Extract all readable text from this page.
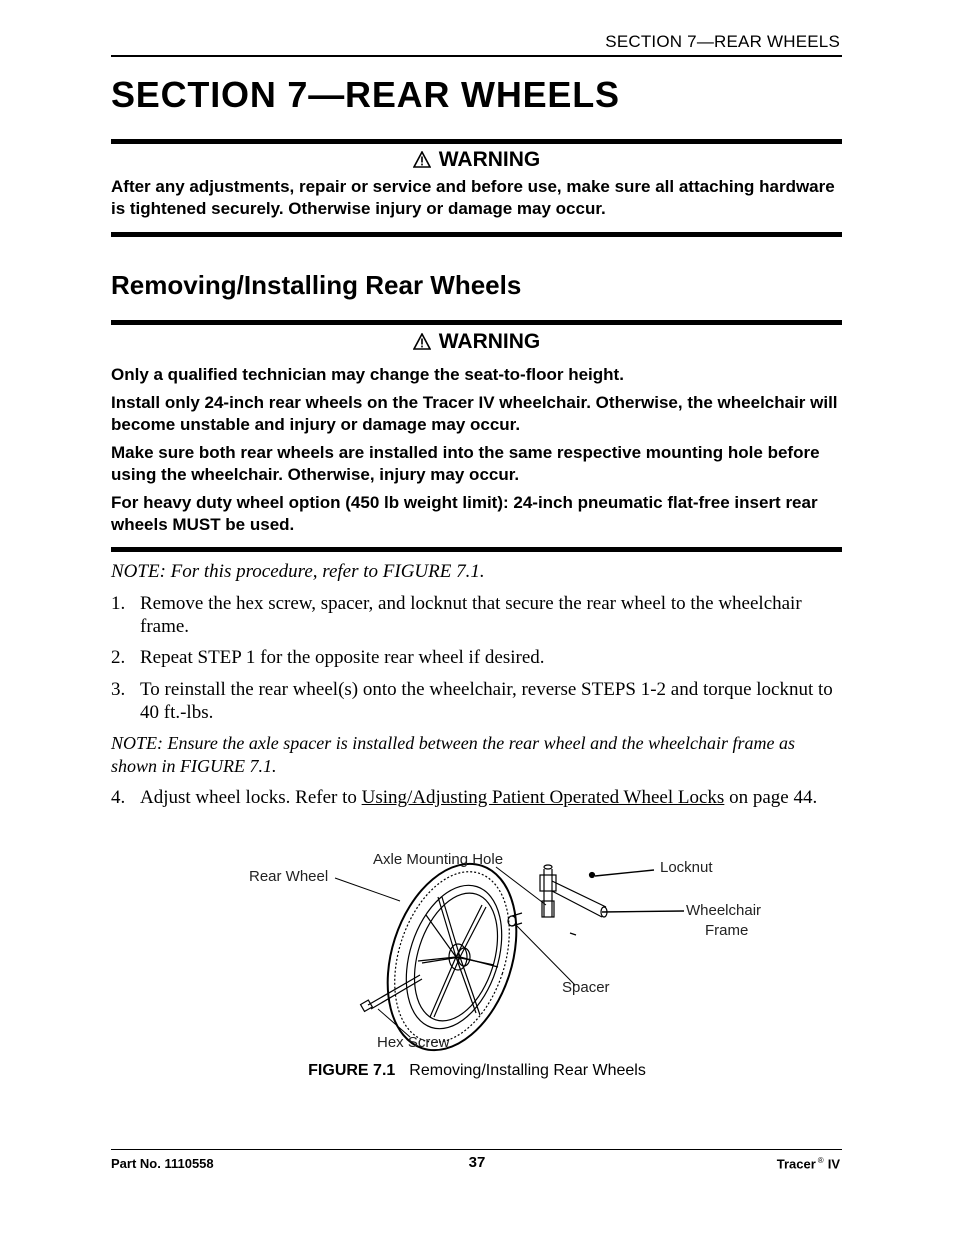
SECTION 7—REAR WHEELS
SECTION 7—REAR WHEELS
WARNING
After any adjustments, repair or service and before use, make sure all attaching hardware is tightened securely. Otherwise injury or damage may occur.
Removing/Installing Rear Wheels
WARNING
Only a qualified technician may change the seat-to-floor height.
Install only 24-inch rear wheels on the Tracer IV wheelchair. Otherwise, the wheelchair will become unstable and injury or damage may occur.
Make sure both rear wheels are installed into the same respective mounting hole before using the wheelchair. Otherwise, injury may occur.
For heavy duty wheel option (450 lb weight limit): 24-inch pneumatic flat-free insert rear wheels MUST be used.
NOTE: For this procedure, refer to FIGURE 7.1.
1. Remove the hex screw, spacer, and locknut that secure the rear wheel to the wheelchair frame.
2. Repeat STEP 1 for the opposite rear wheel if desired.
3. To reinstall the rear wheel(s) onto the wheelchair, reverse STEPS 1-2 and torque locknut to 40 ft.-lbs.
NOTE: Ensure the axle spacer is installed between the rear wheel and the wheelchair frame as shown in FIGURE 7.1.
4. Adjust wheel locks. Refer to Using/Adjusting Patient Operated Wheel Locks on page 44.
Rear Wheel
Axle Mounting Hole	Locknut
Wheelchair
Frame
Spacer
Hex Screw
FIGURE 7.1 Removing/Installing Rear Wheels
Part No. 1110558	37	Tracer ® IV
